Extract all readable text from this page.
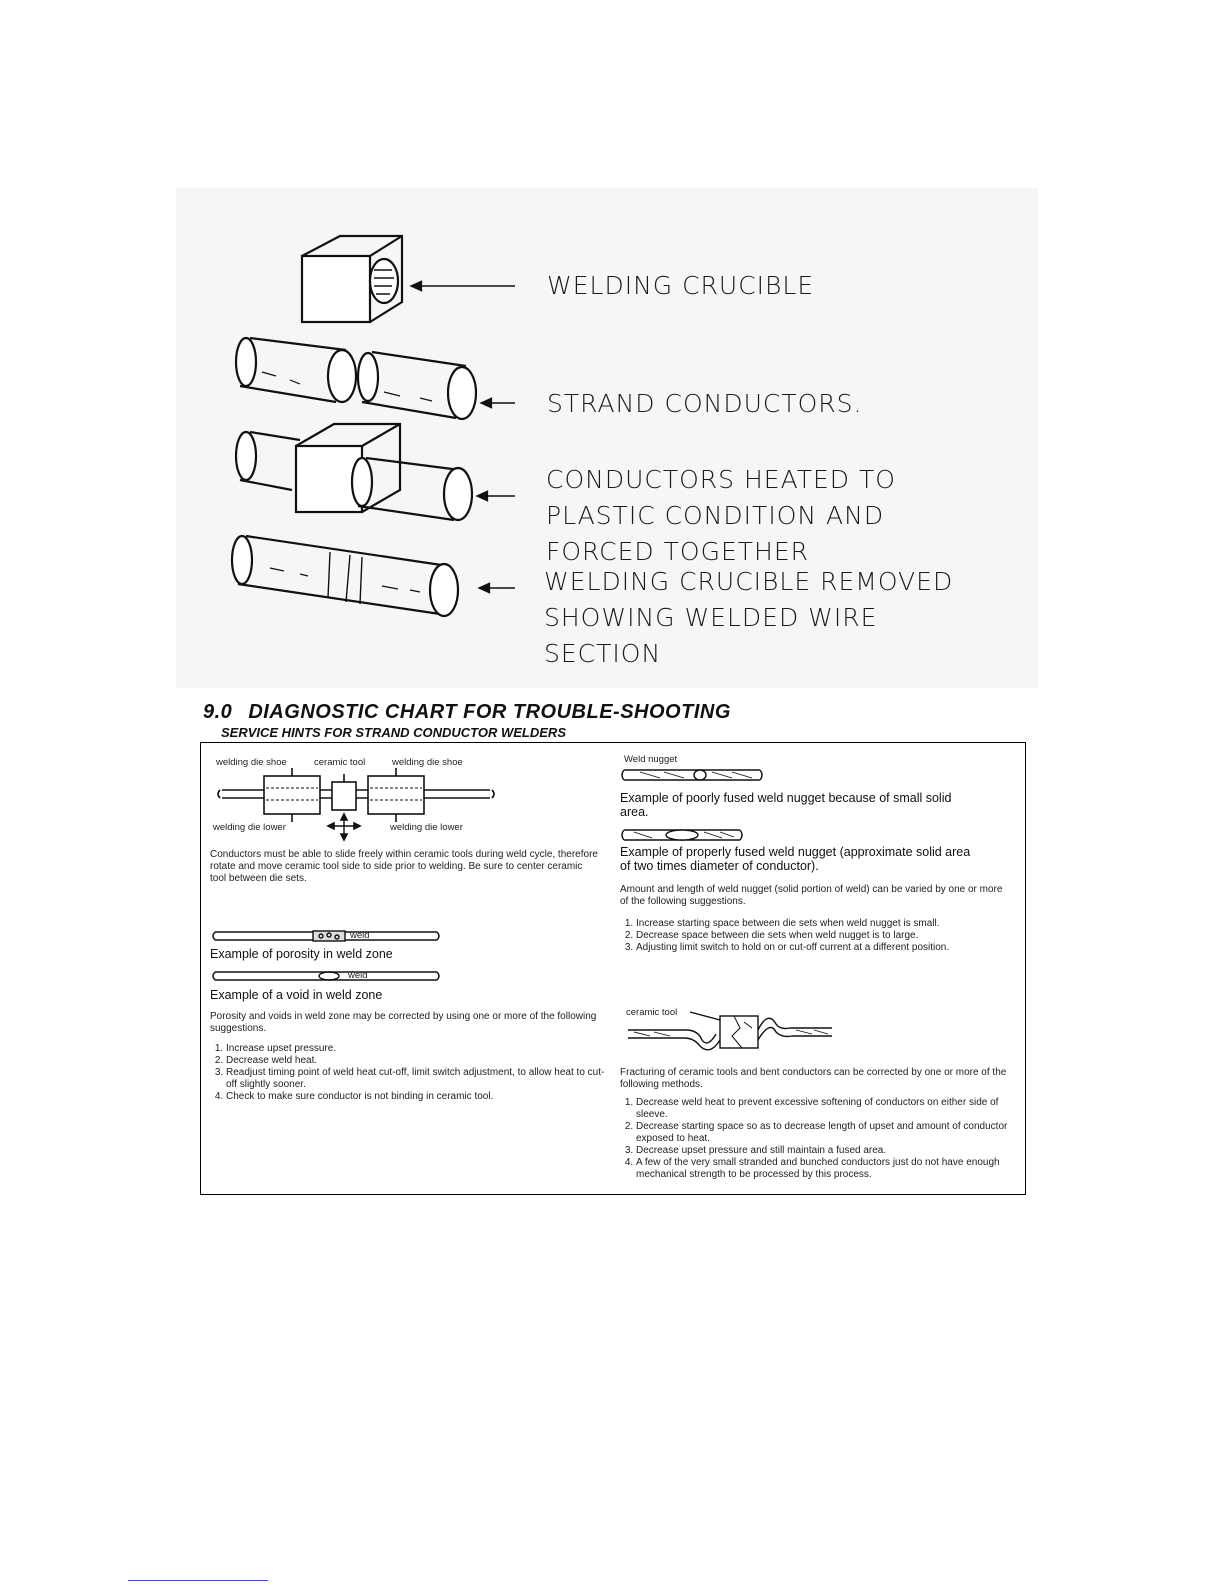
WELDING CRUCIBLE
STRAND CONDUCTORS.
CONDUCTORS HEATED TO
PLASTIC CONDITION AND
FORCED TOGETHER
WELDING CRUCIBLE REMOVED
SHOWING WELDED WIRE
SECTION
9.0 DIAGNOSTIC CHART FOR TROUBLE-SHOOTING
SERVICE HINTS FOR STRAND CONDUCTOR WELDERS
welding die shoe	ceramic tool	welding die shoe
welding die lower	welding die lower
Conductors must be able to slide freely within ceramic tools during weld cycle, therefore rotate and move ceramic tool side to side prior to welding. Be sure to center ceramic tool between die sets.
weld
Example of porosity in weld zone
weld
Example of a void in weld zone
Porosity and voids in weld zone may be corrected by using one or more of the following suggestions.
1. Increase upset pressure.
2. Decrease weld heat.
3. Readjust timing point of weld heat cut-off, limit switch adjustment, to allow heat to cut-off slightly sooner.
4. Check to make sure conductor is not binding in ceramic tool.
Weld nugget
Example of poorly fused weld nugget because of small solid area.
Example of properly fused weld nugget (approximate solid area of two times diameter of conductor).
Amount and length of weld nugget (solid portion of weld) can be varied by one or more of the following suggestions.
1. Increase starting space between die sets when weld nugget is small.
2. Decrease space between die sets when weld nugget is to large.
3. Adjusting limit switch to hold on or cut-off current at a different position.
ceramic tool
Fracturing of ceramic tools and bent conductors can be corrected by one or more of the following methods.
1. Decrease weld heat to prevent excessive softening of conductors on either side of sleeve.
2. Decrease starting space so as to decrease length of upset and amount of conductor exposed to heat.
3. Decrease upset pressure and still maintain a fused area.
4. A few of the very small stranded and bunched conductors just do not have enough mechanical strength to be processed by this process.
